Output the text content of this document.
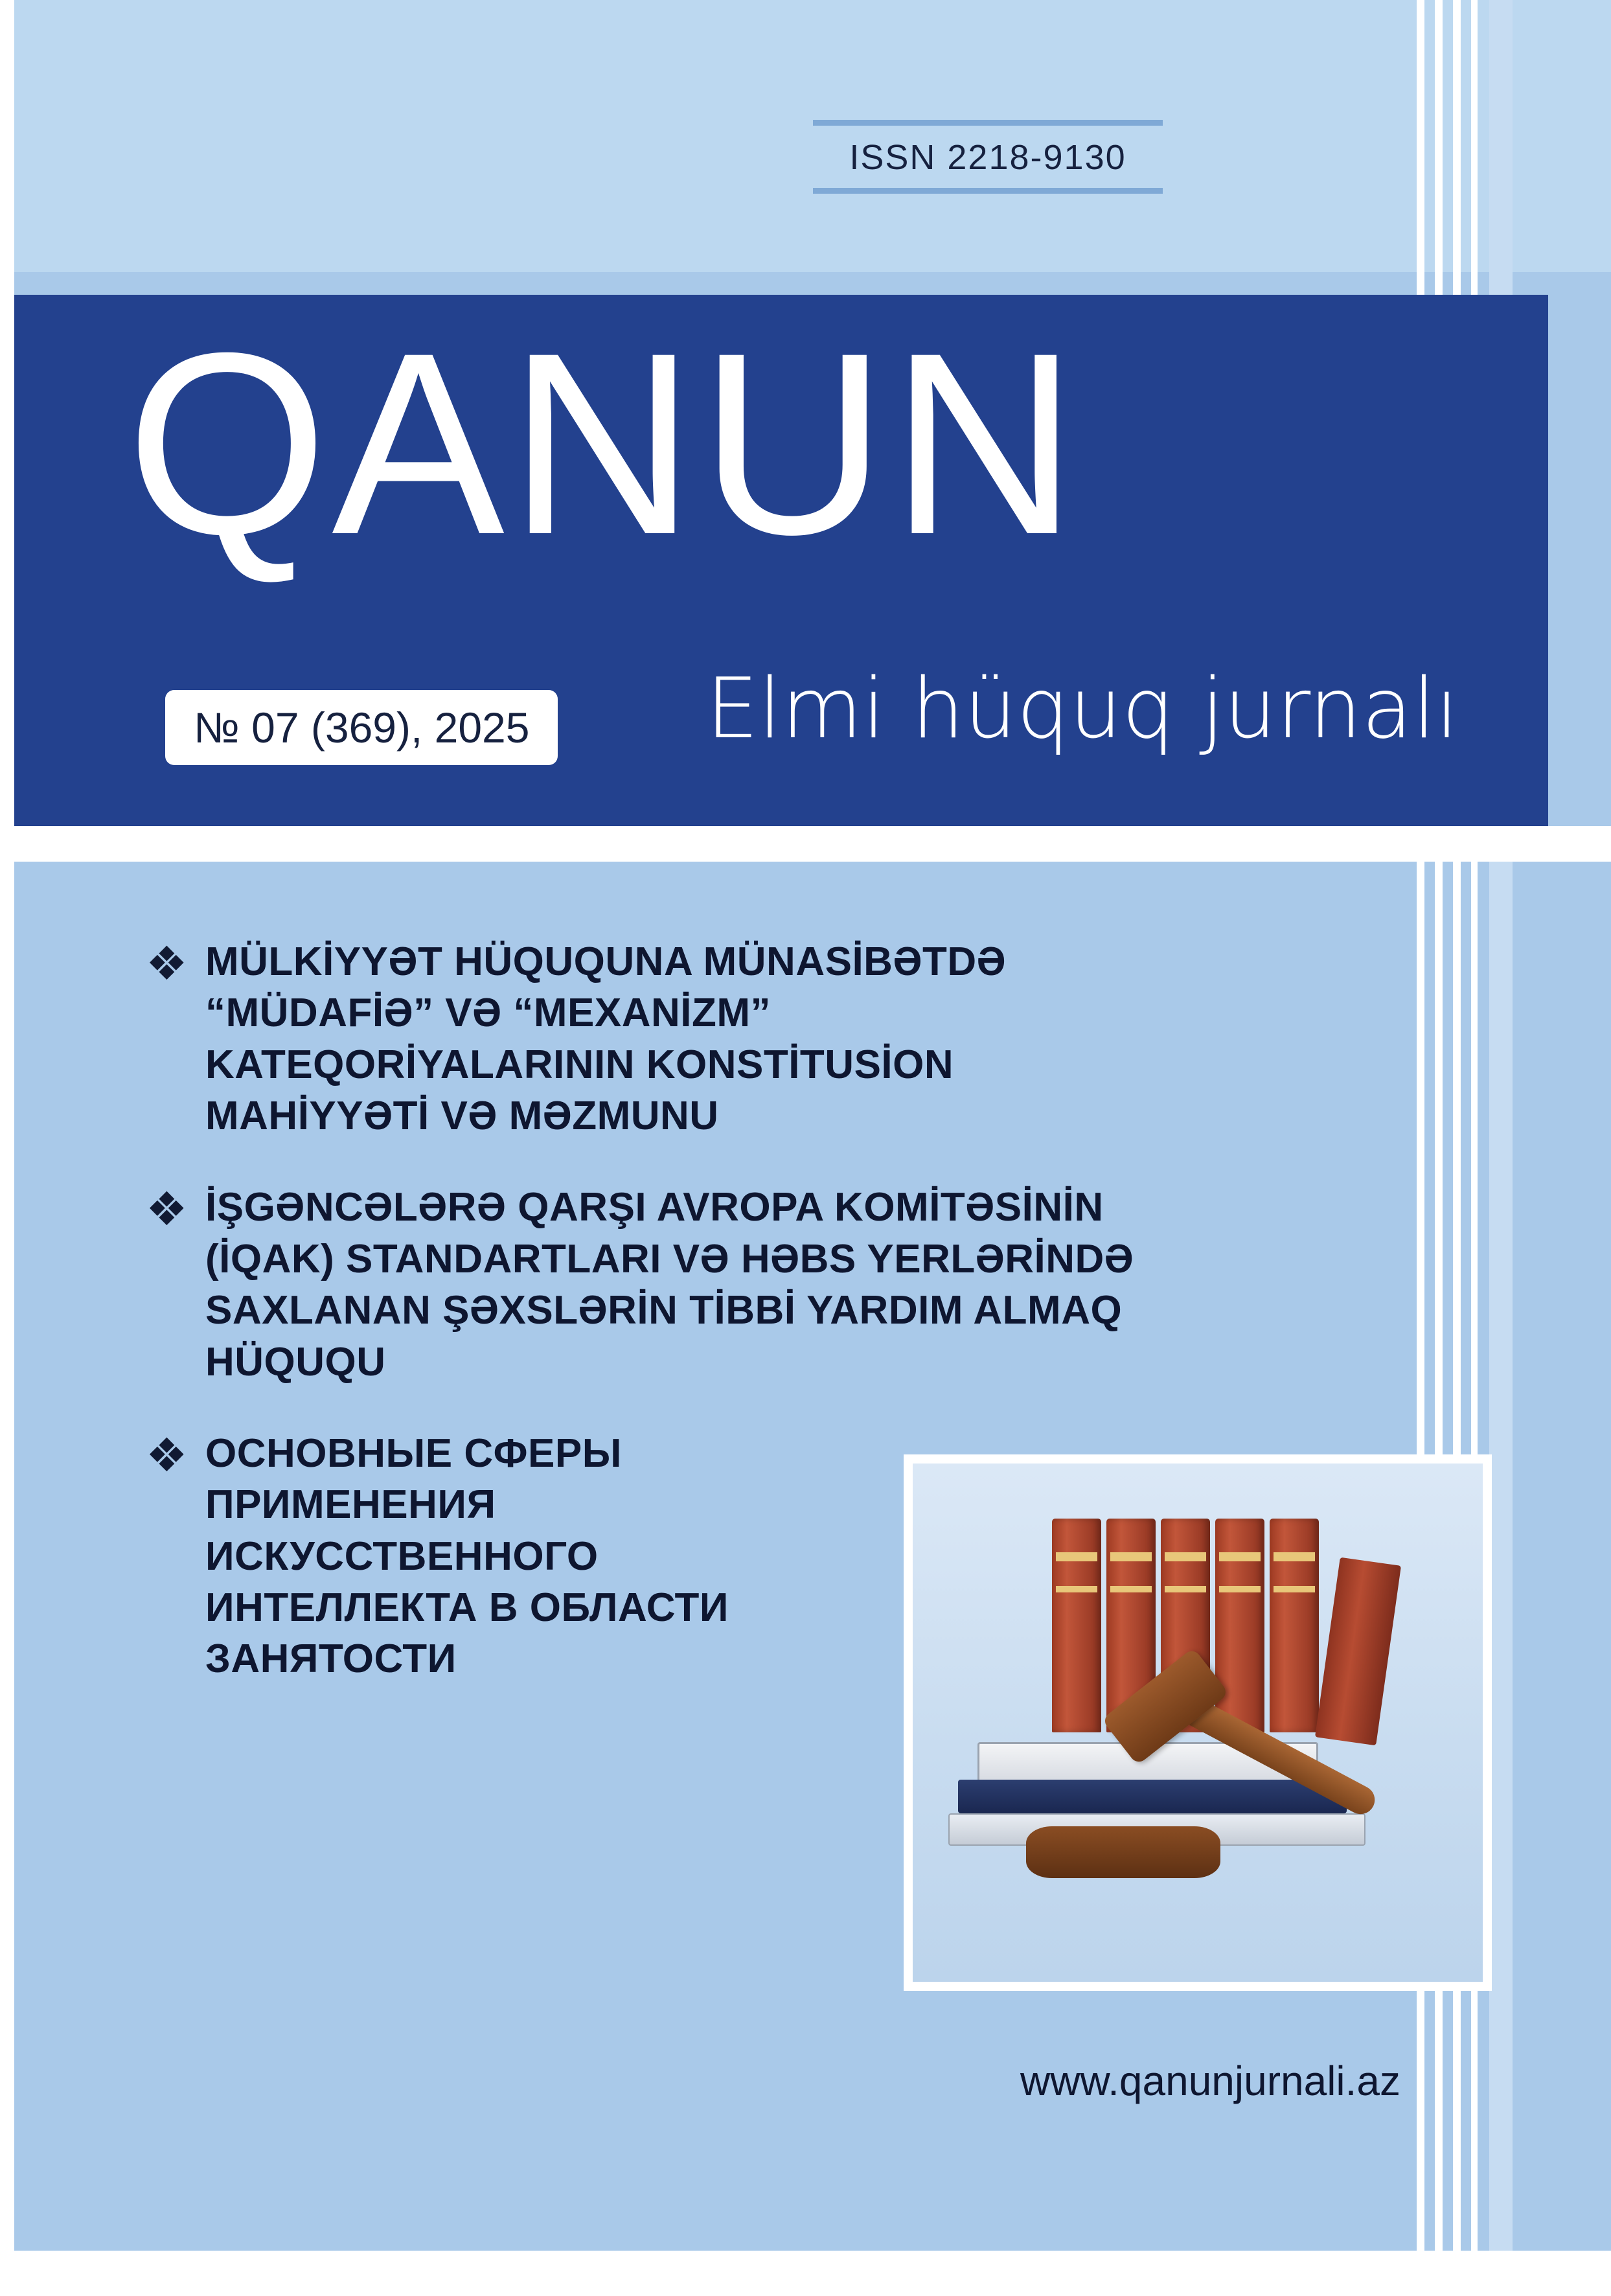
ISSN 2218-9130
QANUN
Elmi hüquq jurnalı
№ 07 (369), 2025
❖ MÜLKİYYƏT HÜQUQUNA MÜNASİBƏTDƏ “MÜDAFİƏ” VƏ “MEXANİZM” KATEQORİYALARININ KONSTİTUSİON MAHİYYƏTİ VƏ MƏZMUNU
❖ İŞGƏNCƏLƏRƏ QARŞI AVROPA KOMİTƏSİNİN (İQAK) STANDARTLARI VƏ HƏBS YERLƏRİNDƏ SAXLANAN ŞƏXSLƏRİN TİBBİ YARDIM ALMAQ HÜQUQU
❖ ОСНОВНЫЕ СФЕРЫ ПРИМЕНЕНИЯ ИСКУССТВЕННОГО ИНТЕЛЛЕКТА В ОБЛАСТИ ЗАНЯТОСТИ
www.qanunjurnali.az
